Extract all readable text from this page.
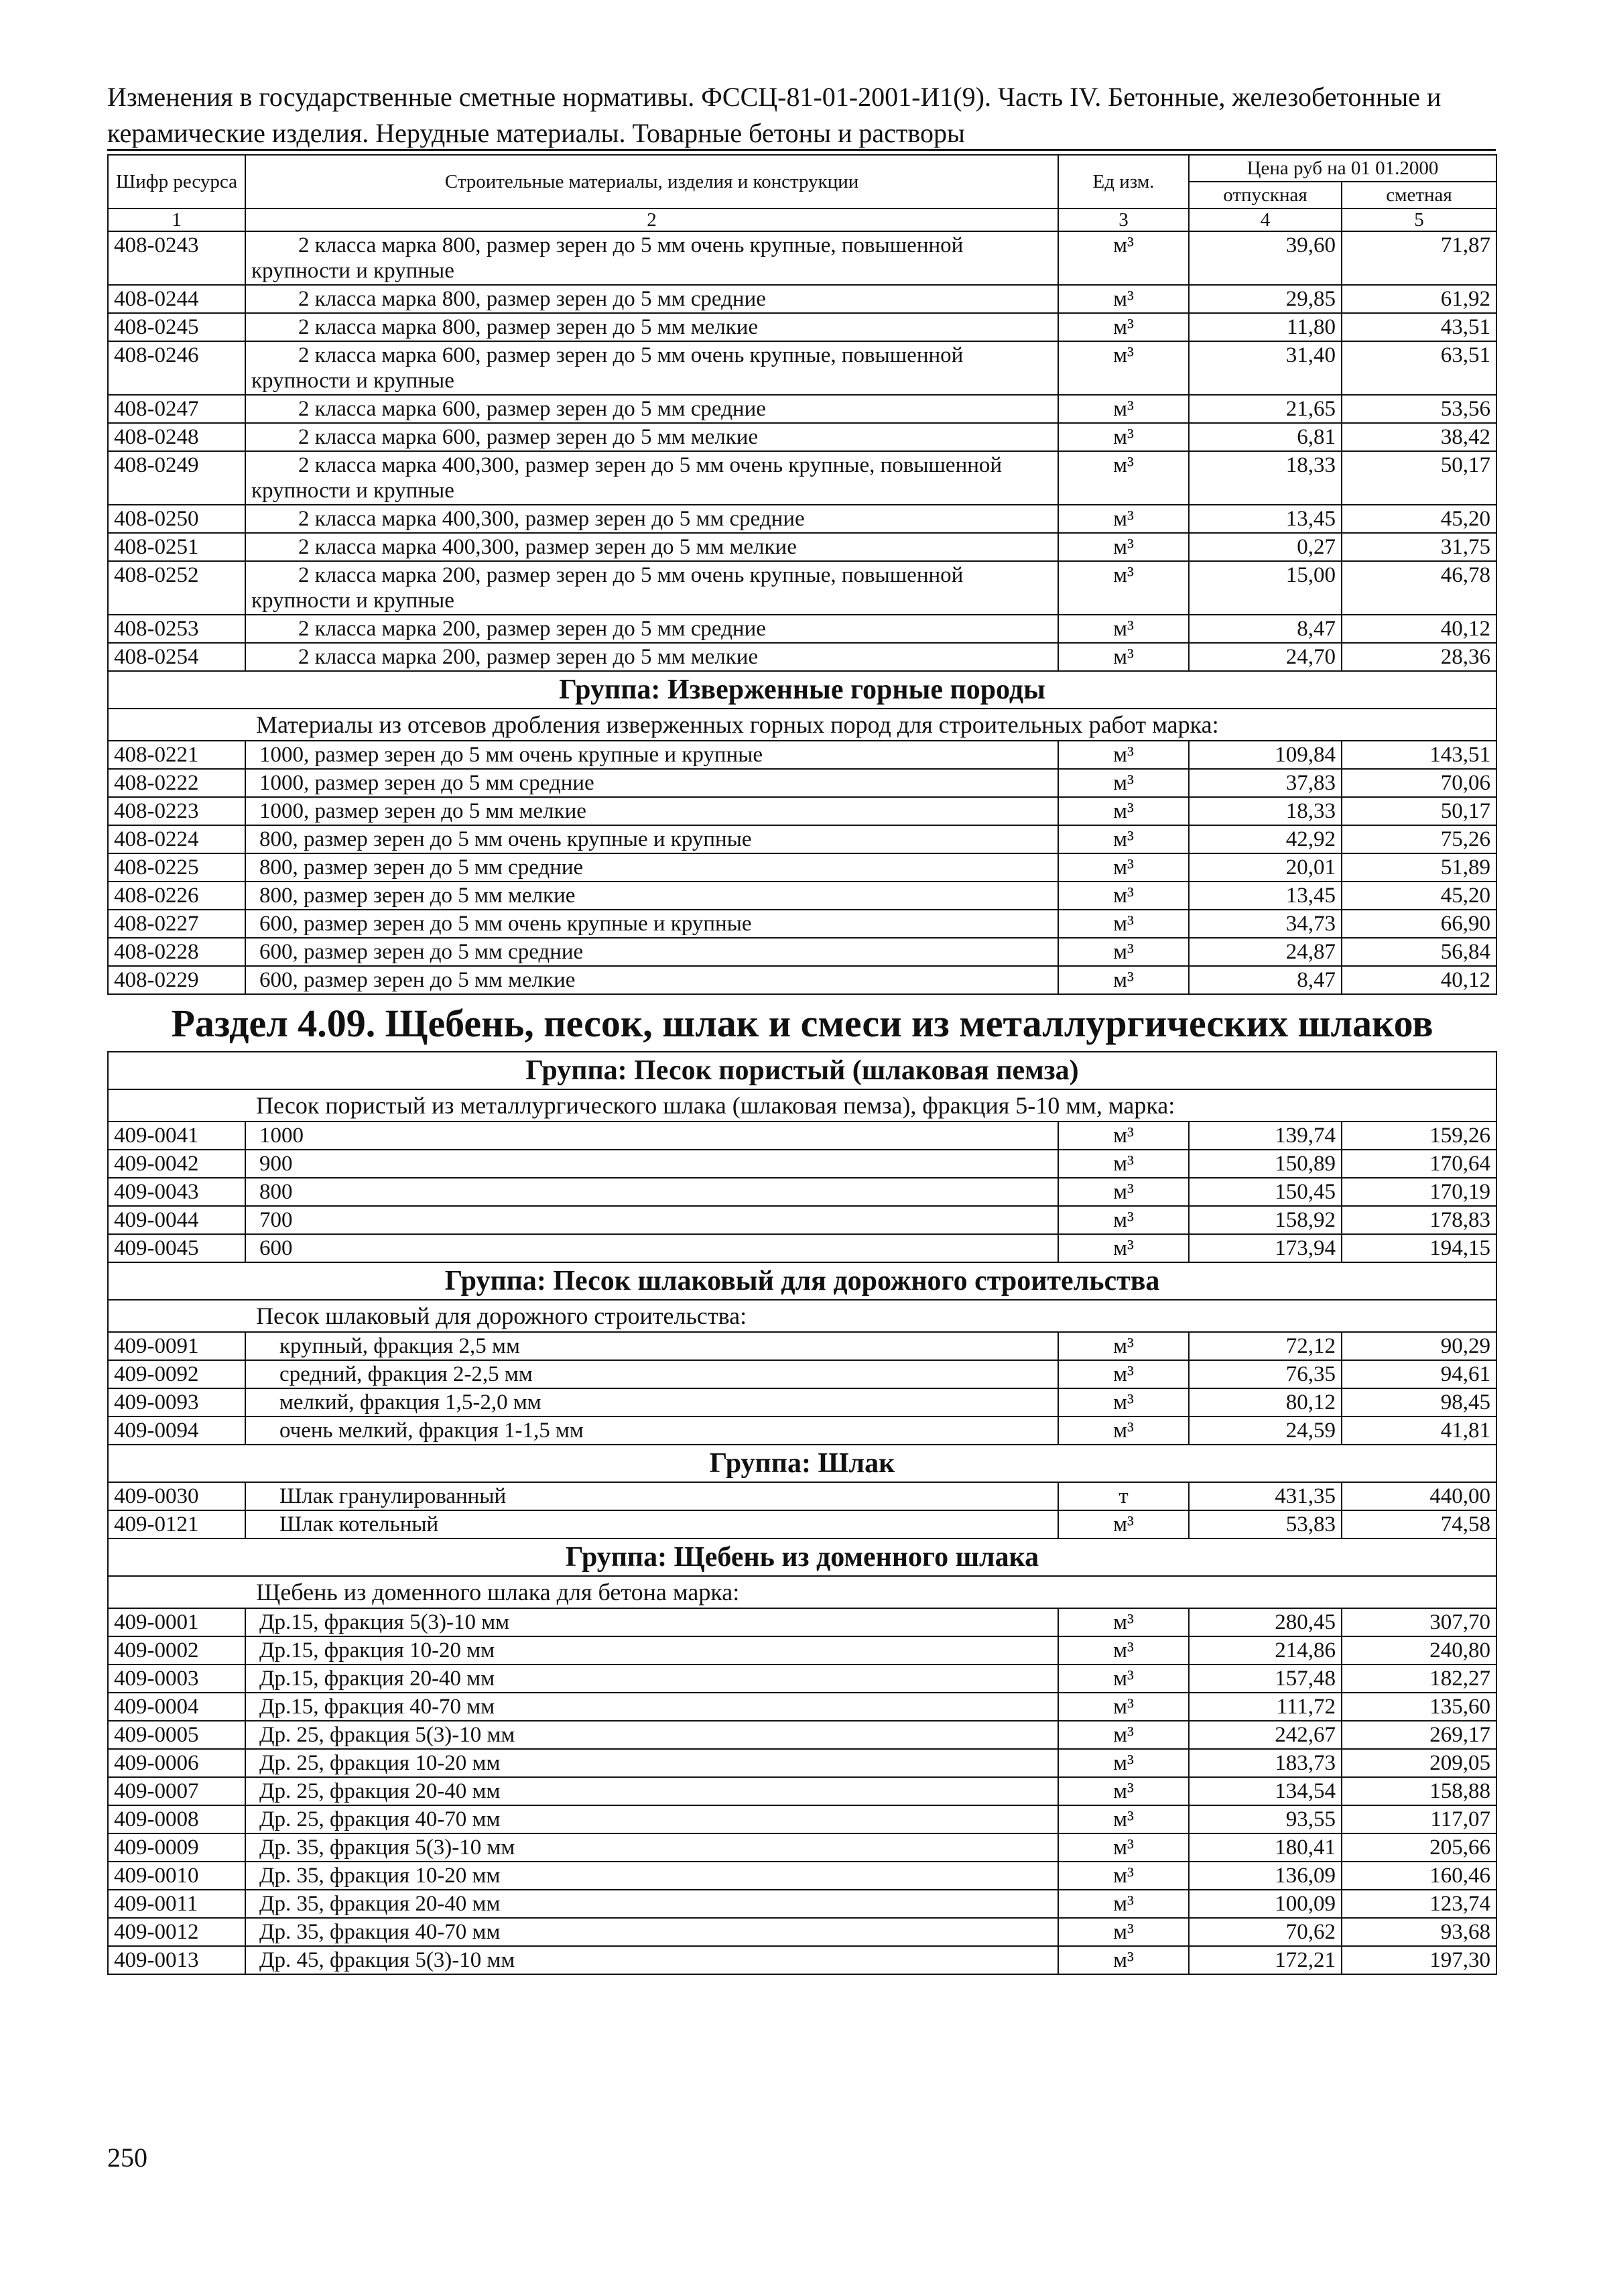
Изменения в государственные сметные нормативы. ФССЦ-81-01-2001-И1(9). Часть IV. Бетонные, железобетонные и керамические изделия. Нерудные материалы. Товарные бетоны и растворы
Шифр ресурса	Строительные материалы, изделия и конструкции	Ед изм.	Цена руб на 01 01.2000	
			отпускная	сметная
1	2	3	4	5
408-0243	2 класса марка 800, размер зерен до 5 мм очень крупные, повышенной крупности и крупные	м³	39,60	71,87
408-0244	2 класса марка 800, размер зерен до 5 мм средние	м³	29,85	61,92
408-0245	2 класса марка 800, размер зерен до 5 мм мелкие	м³	11,80	43,51
408-0246	2 класса марка 600, размер зерен до 5 мм очень крупные, повышенной крупности и крупные	м³	31,40	63,51
408-0247	2 класса марка 600, размер зерен до 5 мм средние	м³	21,65	53,56
408-0248	2 класса марка 600, размер зерен до 5 мм мелкие	м³	6,81	38,42
408-0249	2 класса марка 400,300, размер зерен до 5 мм очень крупные, повышенной крупности и крупные	м³	18,33	50,17
408-0250	2 класса марка 400,300, размер зерен до 5 мм средние	м³	13,45	45,20
408-0251	2 класса марка 400,300, размер зерен до 5 мм мелкие	м³	0,27	31,75
408-0252	2 класса марка 200, размер зерен до 5 мм очень крупные, повышенной крупности и крупные	м³	15,00	46,78
408-0253	2 класса марка 200, размер зерен до 5 мм средние	м³	8,47	40,12
408-0254	2 класса марка 200, размер зерен до 5 мм мелкие	м³	24,70	28,36
Группа: Изверженные горные породы				
Материалы из отсевов дробления изверженных горных пород для строительных работ марка:				
408-0221	1000, размер зерен до 5 мм очень крупные и крупные	м³	109,84	143,51
408-0222	1000, размер зерен до 5 мм средние	м³	37,83	70,06
408-0223	1000, размер зерен до 5 мм мелкие	м³	18,33	50,17
408-0224	800, размер зерен до 5 мм очень крупные и крупные	м³	42,92	75,26
408-0225	800, размер зерен до 5 мм средние	м³	20,01	51,89
408-0226	800, размер зерен до 5 мм мелкие	м³	13,45	45,20
408-0227	600, размер зерен до 5 мм очень крупные и крупные	м³	34,73	66,90
408-0228	600, размер зерен до 5 мм средние	м³	24,87	56,84
408-0229	600, размер зерен до 5 мм мелкие	м³	8,47	40,12
Раздел 4.09. Щебень, песок, шлак и смеси из металлургических шлаков				
Группа: Песок пористый (шлаковая пемза)				
Песок пористый из металлургического шлака (шлаковая пемза), фракция 5-10 мм, марка:				
409-0041	1000	м³	139,74	159,26
409-0042	900	м³	150,89	170,64
409-0043	800	м³	150,45	170,19
409-0044	700	м³	158,92	178,83
409-0045	600	м³	173,94	194,15
Группа: Песок шлаковый для дорожного строительства				
Песок шлаковый для дорожного строительства:				
409-0091	крупный, фракция 2,5 мм	м³	72,12	90,29
409-0092	средний, фракция 2-2,5 мм	м³	76,35	94,61
409-0093	мелкий, фракция 1,5-2,0 мм	м³	80,12	98,45
409-0094	очень мелкий, фракция 1-1,5 мм	м³	24,59	41,81
Группа: Шлак				
409-0030	Шлак гранулированный	т	431,35	440,00
409-0121	Шлак котельный	м³	53,83	74,58
Группа: Щебень из доменного шлака				
Щебень из доменного шлака для бетона марка:				
409-0001	Др.15, фракция 5(3)-10 мм	м³	280,45	307,70
409-0002	Др.15, фракция 10-20 мм	м³	214,86	240,80
409-0003	Др.15, фракция 20-40 мм	м³	157,48	182,27
409-0004	Др.15, фракция 40-70 мм	м³	111,72	135,60
409-0005	Др. 25, фракция 5(3)-10 мм	м³	242,67	269,17
409-0006	Др. 25, фракция 10-20 мм	м³	183,73	209,05
409-0007	Др. 25, фракция 20-40 мм	м³	134,54	158,88
409-0008	Др. 25, фракция 40-70 мм	м³	93,55	117,07
409-0009	Др. 35, фракция 5(3)-10 мм	м³	180,41	205,66
409-0010	Др. 35, фракция 10-20 мм	м³	136,09	160,46
409-0011	Др. 35, фракция 20-40 мм	м³	100,09	123,74
409-0012	Др. 35, фракция 40-70 мм	м³	70,62	93,68
409-0013	Др. 45, фракция 5(3)-10 мм	м³	172,21	197,30
250
